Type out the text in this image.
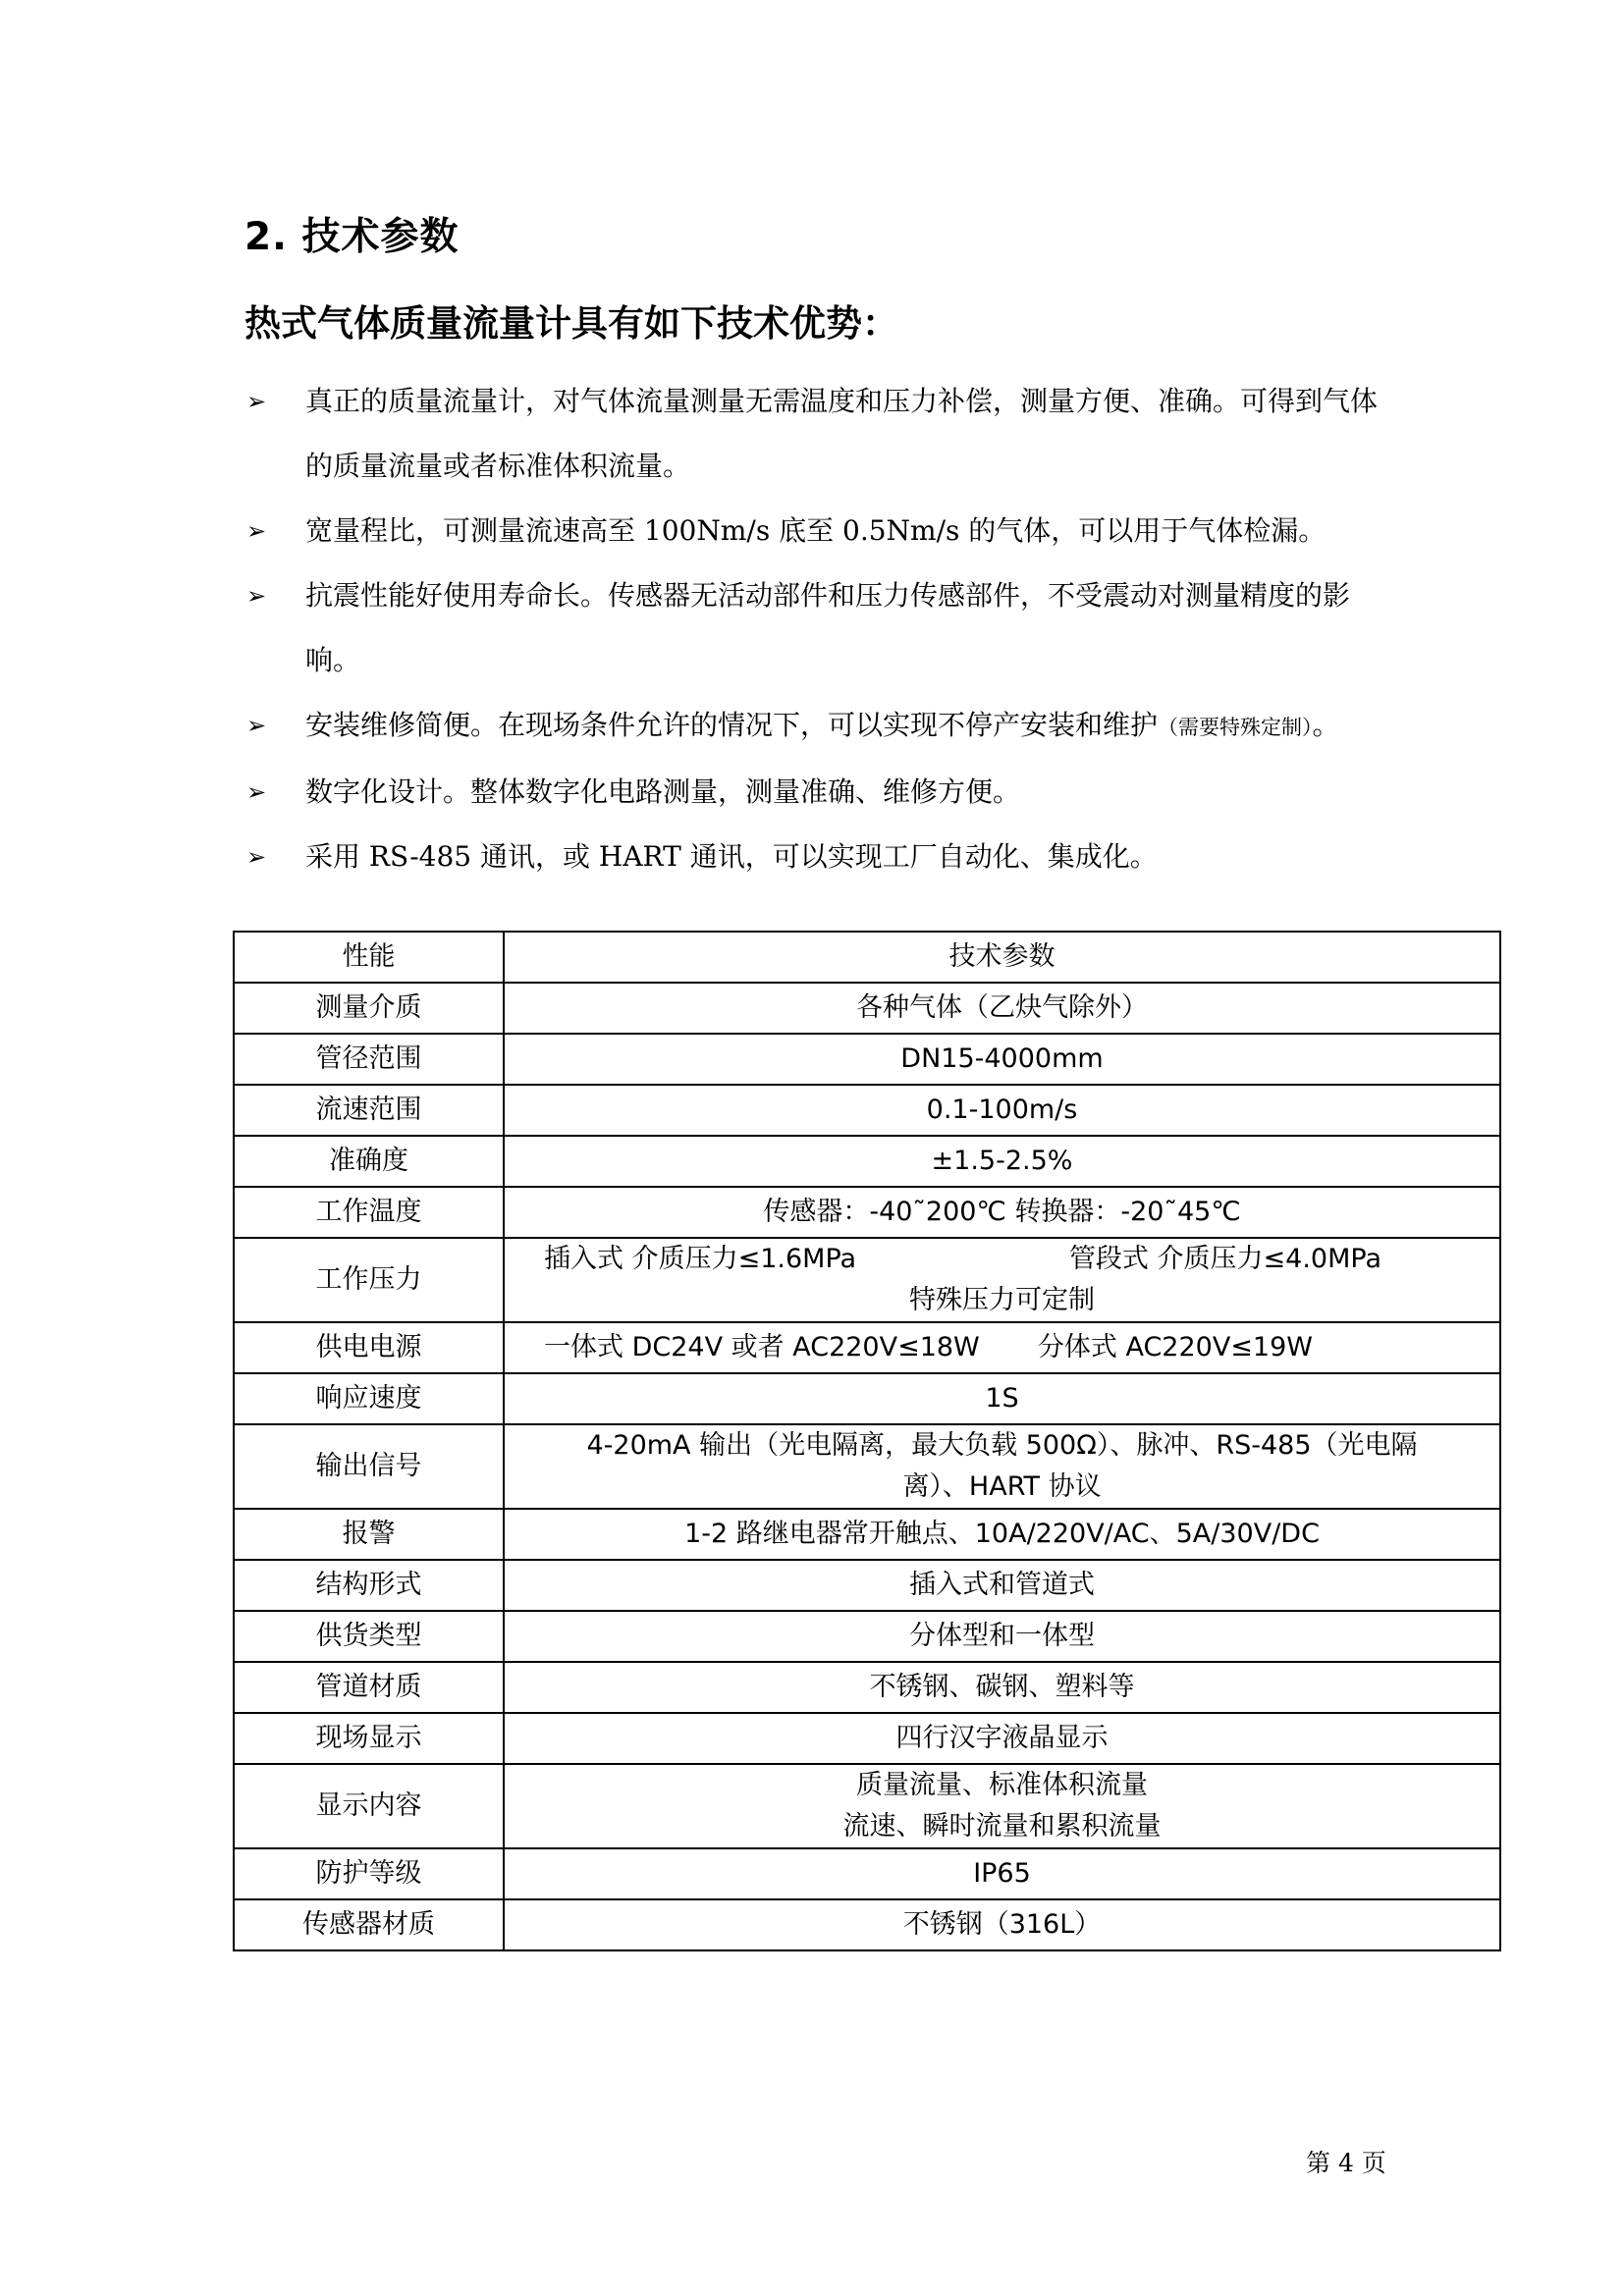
2. 技术参数
热式气体质量流量计具有如下技术优势：
➢ 真正的质量流量计，对气体流量测量无需温度和压力补偿，测量方便、准确。可得到气体的质量流量或者标准体积流量。
➢ 宽量程比，可测量流速高至 100Nm/s 底至 0.5Nm/s 的气体，可以用于气体检漏。
➢ 抗震性能好使用寿命长。传感器无活动部件和压力传感部件，不受震动对测量精度的影响。
➢ 安装维修简便。在现场条件允许的情况下，可以实现不停产安装和维护（需要特殊定制）。
➢ 数字化设计。整体数字化电路测量，测量准确、维修方便。
➢ 采用 RS-485 通讯，或 HART 通讯，可以实现工厂自动化、集成化。
性能	技术参数
测量介质	各种气体（乙炔气除外）
管径范围	DN15-4000mm
流速范围	0.1-100m/s
准确度	±1.5-2.5%
工作温度	传感器：-40˜200℃ 转换器：-20˜45℃
工作压力	插入式 介质压力≤1.6MPa 管段式 介质压力≤4.0MPa
特殊压力可定制

供电电源	一体式 DC24V 或者 AC220V≤18W 分体式 AC220V≤19W

响应速度	1S
输出信号	4-20mA 输出（光电隔离，最大负载 500Ω）、脉冲、RS-485（光电隔
离）、HART 协议

报警	1-2 路继电器常开触点、10A/220V/AC、5A/30V/DC
结构形式	插入式和管道式
供货类型	分体型和一体型
管道材质	不锈钢、碳钢、塑料等
现场显示	四行汉字液晶显示
显示内容	质量流量、标准体积流量
流速、瞬时流量和累积流量

防护等级	IP65
传感器材质	不锈钢（316L）
第 4 页
